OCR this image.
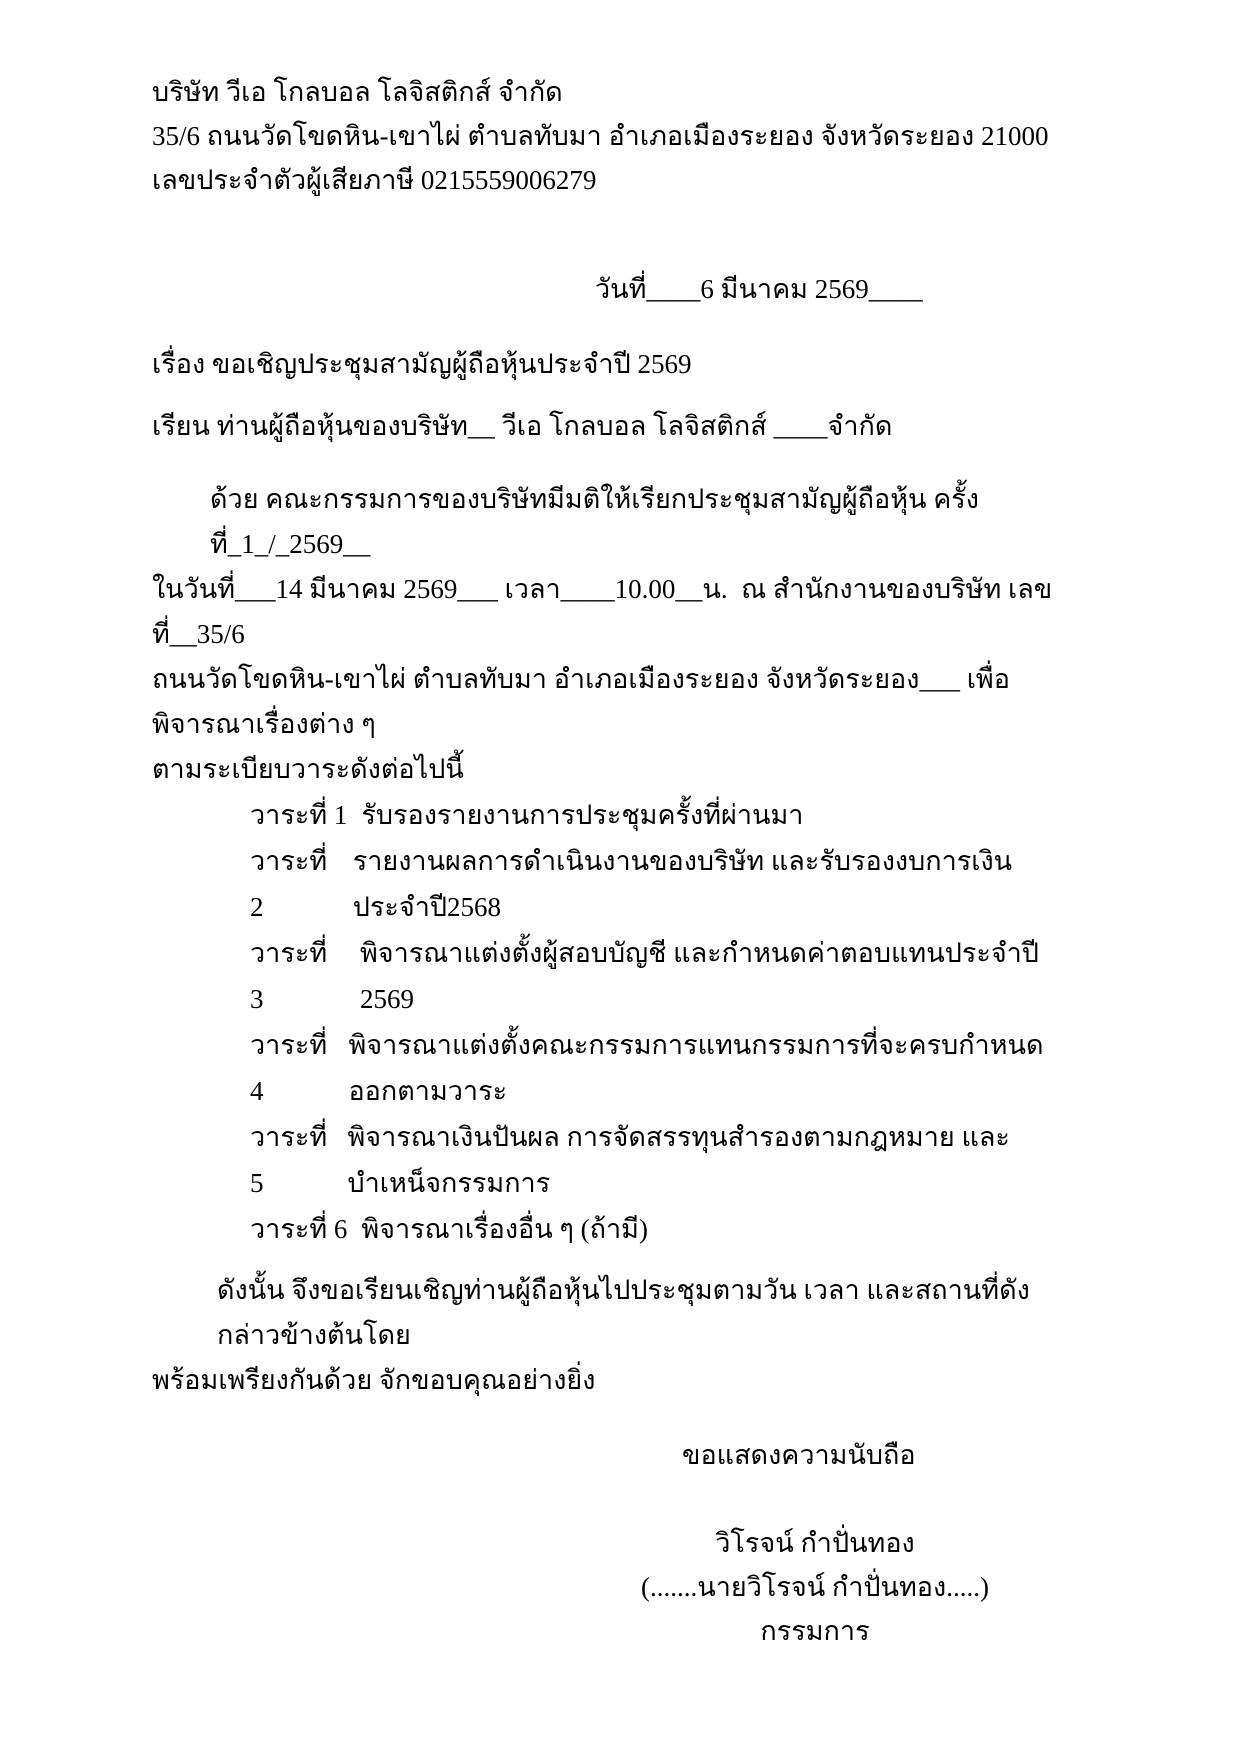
บริษัท วีเอ โกลบอล โลจิสติกส์ จำกัด
35/6 ถนนวัดโขดหิน-เขาไผ่ ตำบลทับมา อำเภอเมืองระยอง จังหวัดระยอง 21000
เลขประจำตัวผู้เสียภาษี 0215559006279
วันที่____6 มีนาคม 2569____
เรื่อง ขอเชิญประชุมสามัญผู้ถือหุ้นประจำปี 2569
เรียน ท่านผู้ถือหุ้นของบริษัท__ วีเอ โกลบอล โลจิสติกส์ ____จำกัด
ด้วย คณะกรรมการของบริษัทมีมติให้เรียกประชุมสามัญผู้ถือหุ้น ครั้งที่_1_/_2569__
ในวันที่___14 มีนาคม 2569___ เวลา____10.00__น.  ณ สำนักงานของบริษัท เลขที่__35/6
ถนนวัดโขดหิน-เขาไผ่ ตำบลทับมา อำเภอเมืองระยอง จังหวัดระยอง___ เพื่อพิจารณาเรื่องต่าง ๆ
ตามระเบียบวาระดังต่อไปนี้
วาระที่ 1 รับรองรายงานการประชุมครั้งที่ผ่านมา
วาระที่ 2
รายงานผลการดำเนินงานของบริษัท และรับรองงบการเงินประจำปี2568
วาระที่ 3
พิจารณาแต่งตั้งผู้สอบบัญชี และกำหนดค่าตอบแทนประจำปี 2569
วาระที่ 4
พิจารณาแต่งตั้งคณะกรรมการแทนกรรมการที่จะครบกำหนดออกตามวาระ
วาระที่ 5
พิจารณาเงินปันผล การจัดสรรทุนสำรองตามกฎหมาย และบำเหน็จกรรมการ
วาระที่ 6 พิจารณาเรื่องอื่น ๆ (ถ้ามี)
ดังนั้น จึงขอเรียนเชิญท่านผู้ถือหุ้นไปประชุมตามวัน เวลา และสถานที่ดังกล่าวข้างต้นโดย
พร้อมเพรียงกันด้วย จักขอบคุณอย่างยิ่ง
ขอแสดงความนับถือ
วิโรจน์ กำปั่นทอง
(.......นายวิโรจน์ กำปั่นทอง.....)
กรรมการ
